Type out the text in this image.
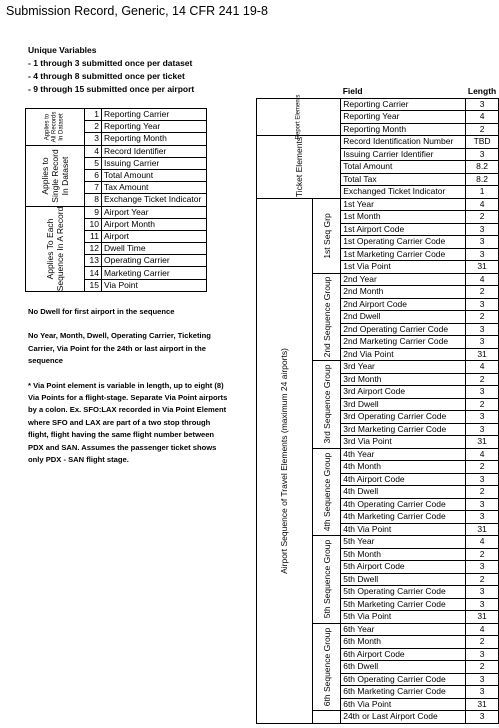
Submission Record, Generic, 14 CFR 241 19-8
Unique Variables
- 1 through 3 submitted once per dataset
- 4 through 8 submitted once per ticket
- 9 through 15 submitted once per airport
Applies to All Records In Dataset	1	Reporting Carrier
	2	Reporting Year
	3	Reporting Month

Applies to Single Record In Dataset	4	Record Identifier
	5	Issuing Carrier
	6	Total Amount
	7	Tax Amount
	8	Exchange Ticket Indicator

Applies To Each Sequence In A Record	9	Airport Year
	10	Airport Month
	11	Airport
	12	Dwell Time
	13	Operating Carrier
	14	Marketing Carrier
	15	Via Point

No Dwell for first airport in the sequence

No Year, Month, Dwell, Operating Carrier, Ticketing Carrier, Via Point for the 24th or last airport in the sequence

* Via Point element is variable in length, up to eight (8) Via Points for a flight-stage. Separate Via Point airports by a colon. Ex. SFO:LAX recorded in Via Point Element where SFO and LAX are part of a two stop through flight, flight having the same flight number between PDX and SAN. Assumes the passenger ticket shows only PDX - SAN flight stage.

		Field	Length

Report Elements		Reporting Carrier	3
		Reporting Year	4
		Reporting Month	2

Ticket Elements		Record Identification Number	TBD
		Issuing Carrier Identifier	3
		Total Amount	8.2
		Total Tax	8.2
		Exchanged Ticket Indicator	1

Airport Sequence of Travel Elements (maximum 24 airports)	1st Seq Grp	1st Year	4
		1st Month	2
		1st Airport Code	3
		1st Operating Carrier Code	3
		1st Marketing Carrier Code	3
		1st Via Point	31

	2nd Sequence Group	2nd Year	4
		2nd Month	2
		2nd Airport Code	3
		2nd Dwell	2
		2nd Operating Carrier Code	3
		2nd Marketing Carrier Code	3
		2nd Via Point	31

	3rd Sequence Group	3rd Year	4
		3rd Month	2
		3rd Airport Code	3
		3rd Dwell	2
		3rd Operating Carrier Code	3
		3rd Marketing Carrier Code	3
		3rd Via Point	31

	4th Sequence Group	4th Year	4
		4th Month	2
		4th Airport Code	3
		4th Dwell	2
		4th Operating Carrier Code	3
		4th Marketing Carrier Code	3
		4th Via Point	31

	5th Sequence Group	5th Year	4
		5th Month	2
		5th Airport Code	3
		5th Dwell	2
		5th Operating Carrier Code	3
		5th Marketing Carrier Code	3
		5th Via Point	31

	6th Sequence Group	6th Year	4
		6th Month	2
		6th Airport Code	3
		6th Dwell	2
		6th Operating Carrier Code	3
		6th Marketing Carrier Code	3
		6th Via Point	31
		24th or Last Airport Code	3
